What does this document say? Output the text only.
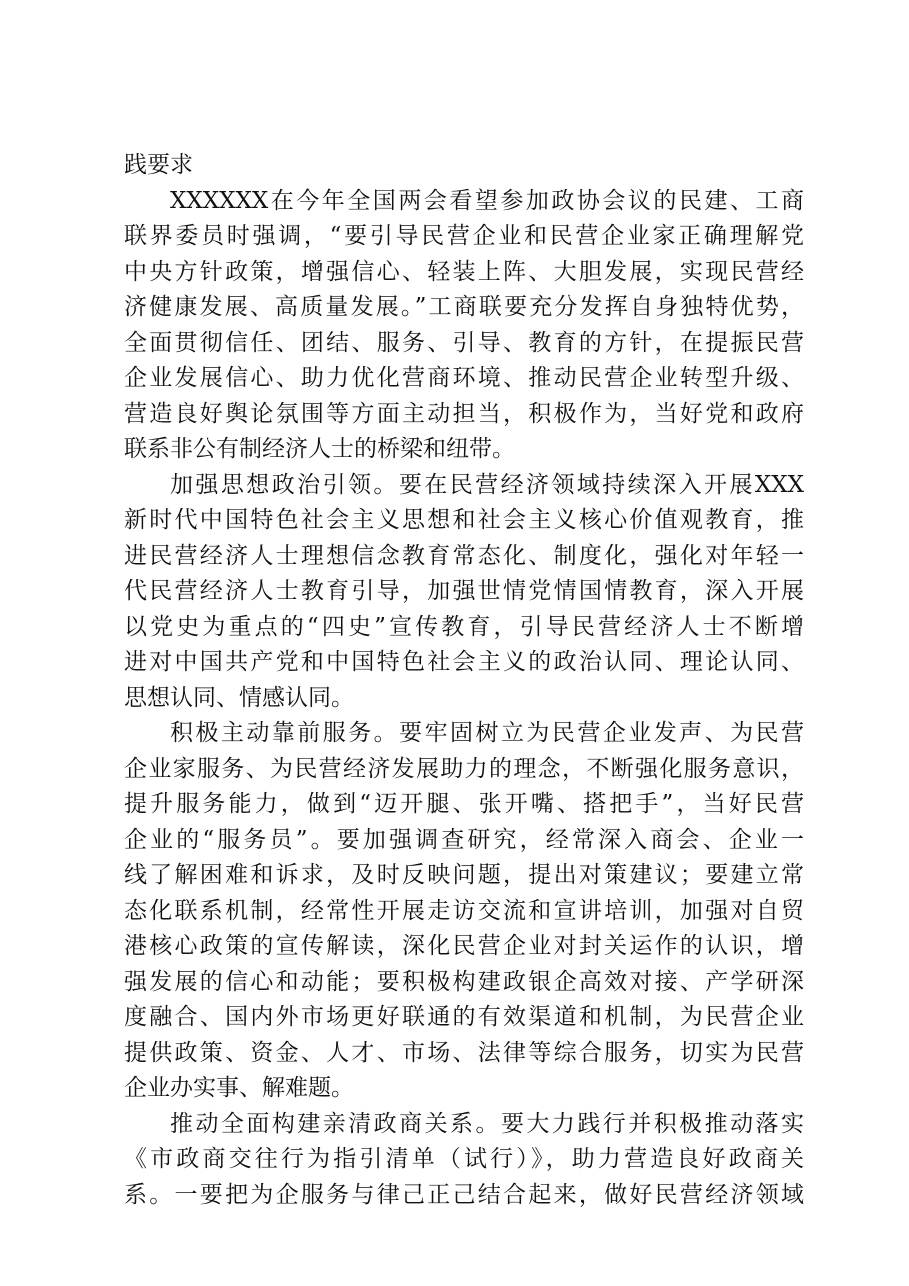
践要求
XXXXXX在今年全国两会看望参加政协会议的民建、工商
联界委员时强调，“要引导民营企业和民营企业家正确理解党
中央方针政策，增强信心、轻装上阵、大胆发展，实现民营经
济健康发展、高质量发展。”工商联要充分发挥自身独特优势，
全面贯彻信任、团结、服务、引导、教育的方针，在提振民营
企业发展信心、助力优化营商环境、推动民营企业转型升级、
营造良好舆论氛围等方面主动担当，积极作为，当好党和政府
联系非公有制经济人士的桥梁和纽带。
加强思想政治引领。要在民营经济领域持续深入开展XXX
新时代中国特色社会主义思想和社会主义核心价值观教育，推
进民营经济人士理想信念教育常态化、制度化，强化对年轻一
代民营经济人士教育引导，加强世情党情国情教育，深入开展
以党史为重点的“四史”宣传教育，引导民营经济人士不断增
进对中国共产党和中国特色社会主义的政治认同、理论认同、
思想认同、情感认同。
积极主动靠前服务。要牢固树立为民营企业发声、为民营
企业家服务、为民营经济发展助力的理念，不断强化服务意识，
提升服务能力，做到“迈开腿、张开嘴、搭把手”，当好民营
企业的“服务员”。要加强调查研究，经常深入商会、企业一
线了解困难和诉求，及时反映问题，提出对策建议；要建立常
态化联系机制，经常性开展走访交流和宣讲培训，加强对自贸
港核心政策的宣传解读，深化民营企业对封关运作的认识，增
强发展的信心和动能；要积极构建政银企高效对接、产学研深
度融合、国内外市场更好联通的有效渠道和机制，为民营企业
提供政策、资金、人才、市场、法律等综合服务，切实为民营
企业办实事、解难题。
推动全面构建亲清政商关系。要大力践行并积极推动落实
《市政商交往行为指引清单（试行）》，助力营造良好政商关
系。一要把为企服务与律己正己结合起来，做好民营经济领域
